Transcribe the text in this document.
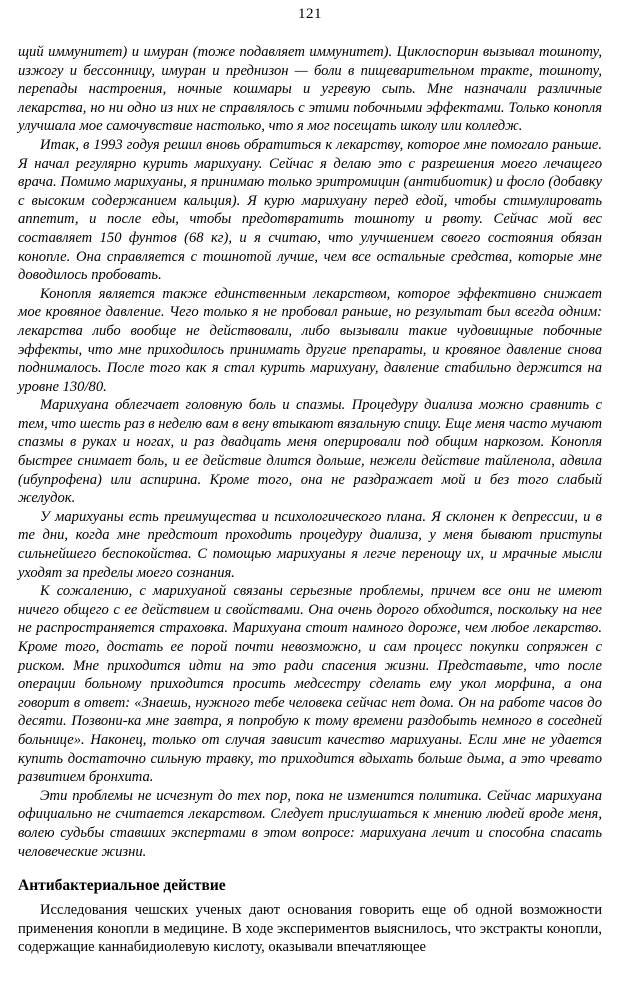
121

щий иммунитет) и имуран (тоже подавляет иммунитет). Циклоспорин вызывал тошноту, изжогу и бессонницу, имуран и преднизон — боли в пищеварительном тракте, тошноту, перепады настроения, ночные кошмары и угревую сыпь. Мне назначали различные лекарства, но ни одно из них не справлялось с этими побочными эффектами. Только конопля улучшала мое самочувствие настолько, что я мог посещать школу или колледж.

Итак, в 1993 годуя решил вновь обратиться к лекарству, которое мне помогало раньше. Я начал регулярно курить марихуану. Сейчас я делаю это с разрешения моего лечащего врача. Помимо марихуаны, я принимаю только эритромицин (антибиотик) и фосло (добавку с высоким содержанием кальция). Я курю марихуану перед едой, чтобы стимулировать аппетит, и после еды, чтобы предотвратить тошноту и рвоту. Сейчас мой вес составляет 150 фунтов (68 кг), и я считаю, что улучшением своего состояния обязан конопле. Она справляется с тошнотой лучше, чем все остальные средства, которые мне доводилось пробовать.

Конопля является также единственным лекарством, которое эффективно снижает мое кровяное давление. Чего только я не пробовал раньше, но результат был всегда одним: лекарства либо вообще не действовали, либо вызывали такие чудовищные побочные эффекты, что мне приходилось принимать другие препараты, и кровяное давление снова поднималось. После того как я стал курить марихуану, давление стабильно держится на уровне 130/80.

Марихуана облегчает головную боль и спазмы. Процедуру диализа можно сравнить с тем, что шесть раз в неделю вам в вену втыкают вязальную спицу. Еще меня часто мучают спазмы в руках и ногах, и раз двадцать меня оперировали под общим наркозом. Конопля быстрее снимает боль, и ее действие длится дольше, нежели действие тайленола, адвила (ибупрофена) или аспирина. Кроме того, она не раздражает мой и без того слабый желудок.

У марихуаны есть преимущества и психологического плана. Я склонен к депрессии, и в те дни, когда мне предстоит проходить процедуру диализа, у меня бывают приступы сильнейшего беспокойства. С помощью марихуаны я легче перенощу их, и мрачные мысли уходят за пределы моего сознания.

К сожалению, с марихуаной связаны серьезные проблемы, причем все они не имеют ничего общего с ее действием и свойствами. Она очень дорого обходится, поскольку на нее не распространяется страховка. Марихуана стоит намного дороже, чем любое лекарство. Кроме того, достать ее порой почти невозможно, и сам процесс покупки сопряжен с риском. Мне приходится идти на это ради спасения жизни. Представьте, что после операции больному приходится просить медсестру сделать ему укол морфина, а она говорит в ответ: «Знаешь, нужного тебе человека сейчас нет дома. Он на работе часов до десяти. Позвони-ка мне завтра, я попробую к тому времени раздобыть немного в соседней больнице». Наконец, только от случая зависит качество марихуаны. Если мне не удается купить достаточно сильную травку, то приходится вдыхать больше дыма, а это чревато развитием бронхита.

Эти проблемы не исчезнут до тех пор, пока не изменится политика. Сейчас марихуана официально не считается лекарством. Следует прислушаться к мнению людей вроде меня, волею судьбы ставших экспертами в этом вопросе: марихуана лечит и способна спасать человеческие жизни.

Антибактериальное действие

Исследования чешских ученых дают основания говорить еще об одной возможности применения конопли в медицине. В ходе экспериментов выяснилось, что экстракты конопли, содержащие каннабидиолевую кислоту, оказывали впечатляющее
